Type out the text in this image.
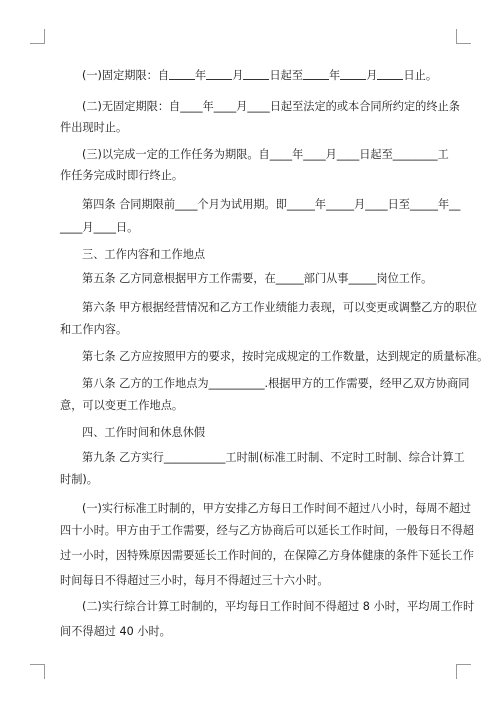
(一)固定期限：自 年 月 日起至 年 月 日止。
(二)无固定期限：自____年____月____日起至法定的或本合同所约定的终止条
件出现时止。
(三)以完成一定的工作任务为期限。自____年____月____日起至________工
作任务完成时即行终止。
第四条 合同期限前____个月为试用期。即_____年_____月____日至_____年__
____月____日。
三、工作内容和工作地点
第五条 乙方同意根据甲方工作需要，在_____部门从事_____岗位工作。
第六条 甲方根据经营情况和乙方工作业绩能力表现，可以变更或调整乙方的职位
和工作内容。
第七条 乙方应按照甲方的要求，按时完成规定的工作数量，达到规定的质量标准。
第八条 乙方的工作地点为__________.根据甲方的工作需要，经甲乙双方协商同
意，可以变更工作地点。
四、工作时间和休息休假
第九条 乙方实行___________工时制(标准工时制、不定时工时制、综合计算工
时制)。
(一)实行标准工时制的，甲方安排乙方每日工作时间不超过八小时，每周不超过
四十小时。甲方由于工作需要，经与乙方协商后可以延长工作时间，一般每日不得超
过一小时，因特殊原因需要延长工作时间的，在保障乙方身体健康的条件下延长工作
时间每日不得超过三小时，每月不得超过三十六小时。
(二)实行综合计算工时制的，平均每日工作时间不得超过 8 小时，平均周工作时
间不得超过 40 小时。
